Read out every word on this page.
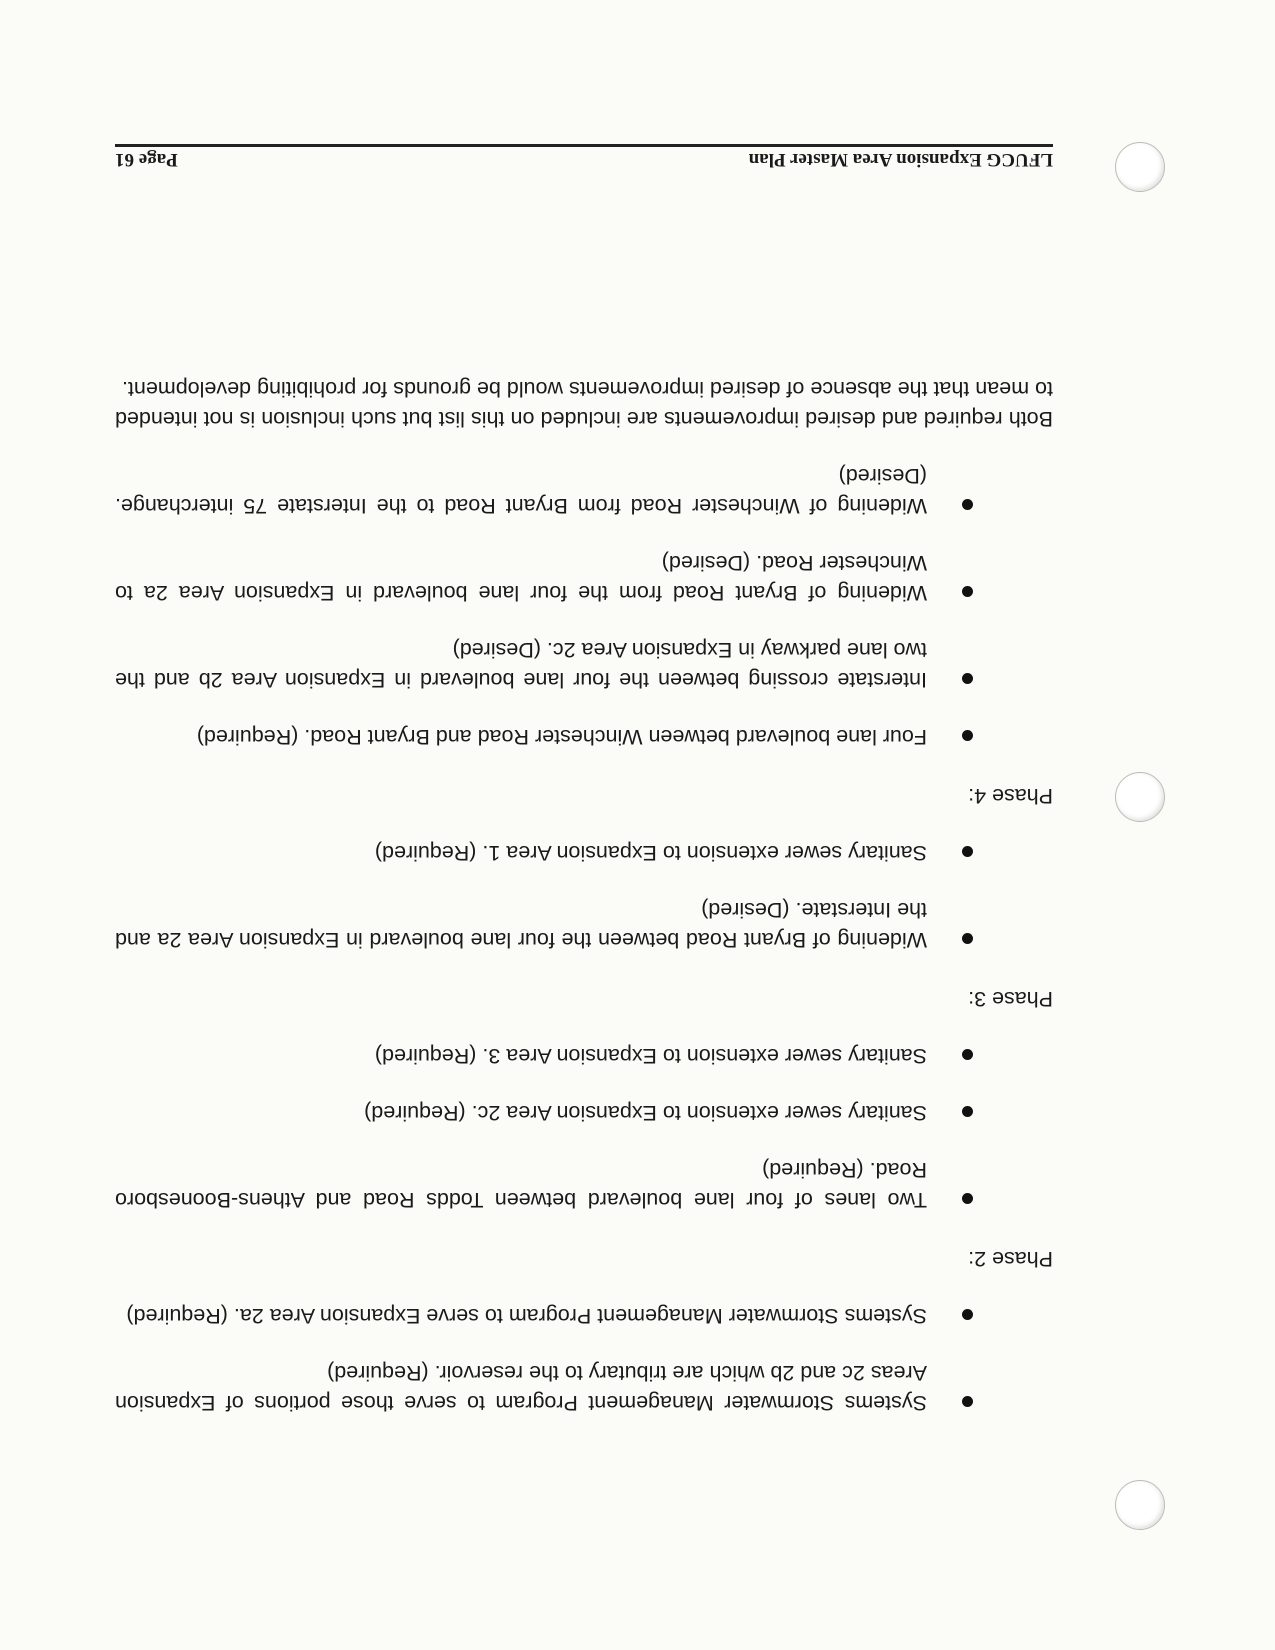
LFUCG Expansion Area Master Plan
Page 61
Systems Stormwater Management Program to serve those portions of Expansion Areas 2c and 2b which are tributary to the reservoir. (Required)
Systems Stormwater Management Program to serve Expansion Area 2a. (Required)

Phase 2:

Two lanes of four lane boulevard between Todds Road and Athens-Boonesboro Road. (Required)
Sanitary sewer extension to Expansion Area 2c. (Required)
Sanitary sewer extension to Expansion Area 3. (Required)

Phase 3:

Widening of Bryant Road between the four lane boulevard in Expansion Area 2a and the Interstate. (Desired)
Sanitary sewer extension to Expansion Area 1. (Required)

Phase 4:

Four lane boulevard between Winchester Road and Bryant Road. (Required)
Interstate crossing between the four lane boulevard in Expansion Area 2b and the two lane parkway in Expansion Area 2c. (Desired)
Widening of Bryant Road from the four lane boulevard in Expansion Area 2a to Winchester Road. (Desired)
Widening of Winchester Road from Bryant Road to the Interstate 75 interchange. (Desired)

Both required and desired improvements are included on this list but such inclusion is not intended to mean that the absence of desired improvements would be grounds for prohibiting development.
